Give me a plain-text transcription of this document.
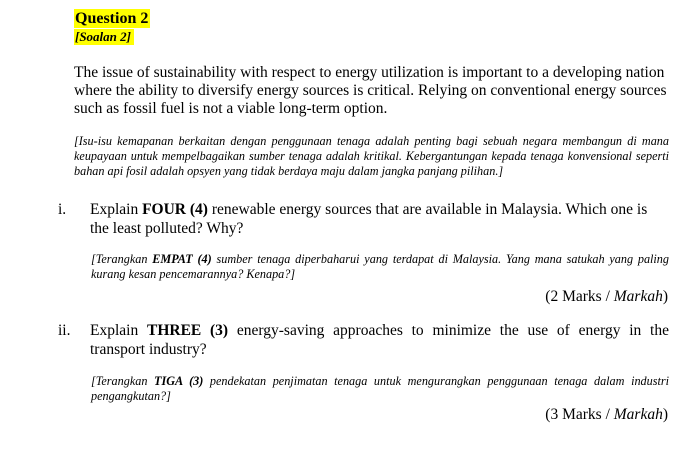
Question 2
[Soalan 2]
The issue of sustainability with respect to energy utilization is important to a developing nation where the ability to diversify energy sources is critical. Relying on conventional energy sources such as fossil fuel is not a viable long-term option.
[Isu-isu kemapanan berkaitan dengan penggunaan tenaga adalah penting bagi sebuah negara membangun di mana keupayaan untuk mempelbagaikan sumber tenaga adalah kritikal. Kebergantungan kepada tenaga konvensional seperti bahan api fosil adalah opsyen yang tidak berdaya maju dalam jangka panjang pilihan.]
i. Explain FOUR (4) renewable energy sources that are available in Malaysia. Which one is the least polluted? Why?
[Terangkan EMPAT (4) sumber tenaga diperbaharui yang terdapat di Malaysia. Yang mana satukah yang paling kurang kesan pencemarannya? Kenapa?]
(2 Marks / Markah)
ii. Explain THREE (3) energy-saving approaches to minimize the use of energy in the transport industry?
[Terangkan TIGA (3) pendekatan penjimatan tenaga untuk mengurangkan penggunaan tenaga dalam industri pengangkutan?]
(3 Marks / Markah)
